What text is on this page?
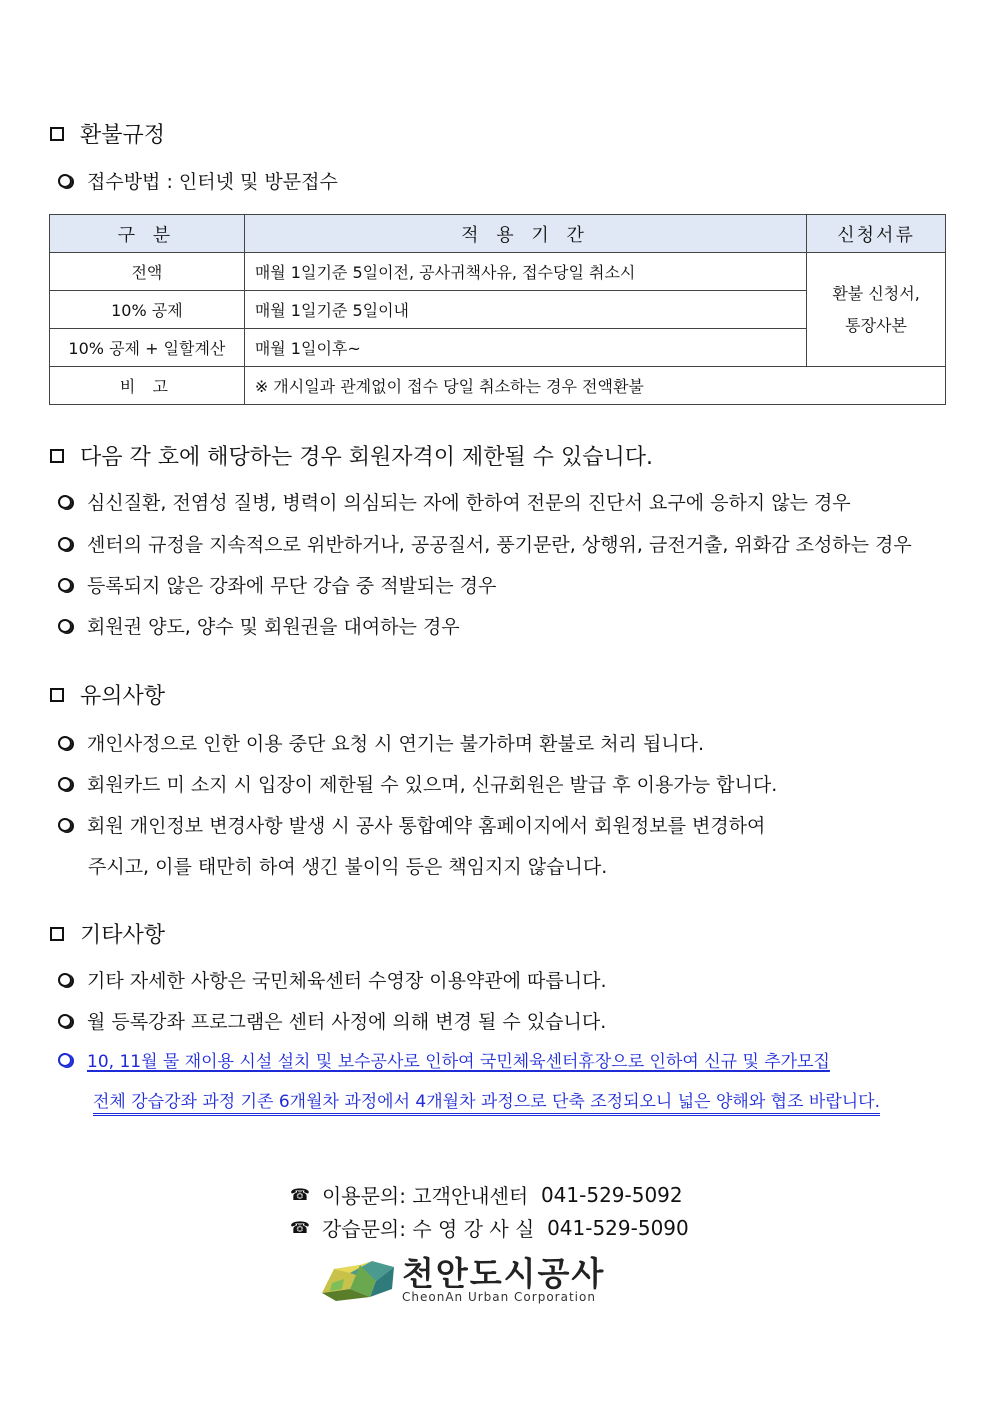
환불규정
접수방법 : 인터넷 및 방문접수
구 분	적 용 기 간	신청서류
전액	매월 1일기준 5일이전, 공사귀책사유, 접수당일 취소시	환불 신청서,
통장사본

10% 공제	매월 1일기준 5일이내	
10% 공제 + 일할계산	매월 1일이후~	
비 고	※ 개시일과 관계없이 접수 당일 취소하는 경우 전액환불	
다음 각 호에 해당하는 경우 회원자격이 제한될 수 있습니다.
심신질환, 전염성 질병, 병력이 의심되는 자에 한하여 전문의 진단서 요구에 응하지 않는 경우
센터의 규정을 지속적으로 위반하거나, 공공질서, 풍기문란, 상행위, 금전거출, 위화감 조성하는 경우
등록되지 않은 강좌에 무단 강습 중 적발되는 경우
회원권 양도, 양수 및 회원권을 대여하는 경우
유의사항
개인사정으로 인한 이용 중단 요청 시 연기는 불가하며 환불로 처리 됩니다.
회원카드 미 소지 시 입장이 제한될 수 있으며, 신규회원은 발급 후 이용가능 합니다.
회원 개인정보 변경사항 발생 시 공사 통합예약 홈페이지에서 회원정보를 변경하여
주시고, 이를 태만히 하여 생긴 불이익 등은 책임지지 않습니다.
기타사항
기타 자세한 사항은 국민체육센터 수영장 이용약관에 따릅니다.
월 등록강좌 프로그램은 센터 사정에 의해 변경 될 수 있습니다.
10, 11월 물 재이용 시설 설치 및 보수공사로 인하여 국민체육센터휴장으로 인하여 신규 및 추가모집
전체 강습강좌 과정 기존 6개월차 과정에서 4개월차 과정으로 단축 조정되오니 넓은 양해와 협조 바랍니다.
☎ 이용문의: 고객안내센터
041-529-5092
☎ 강습문의: 수 영 강 사 실
041-529-5090
천안도시공사
CheonAn Urban Corporation
